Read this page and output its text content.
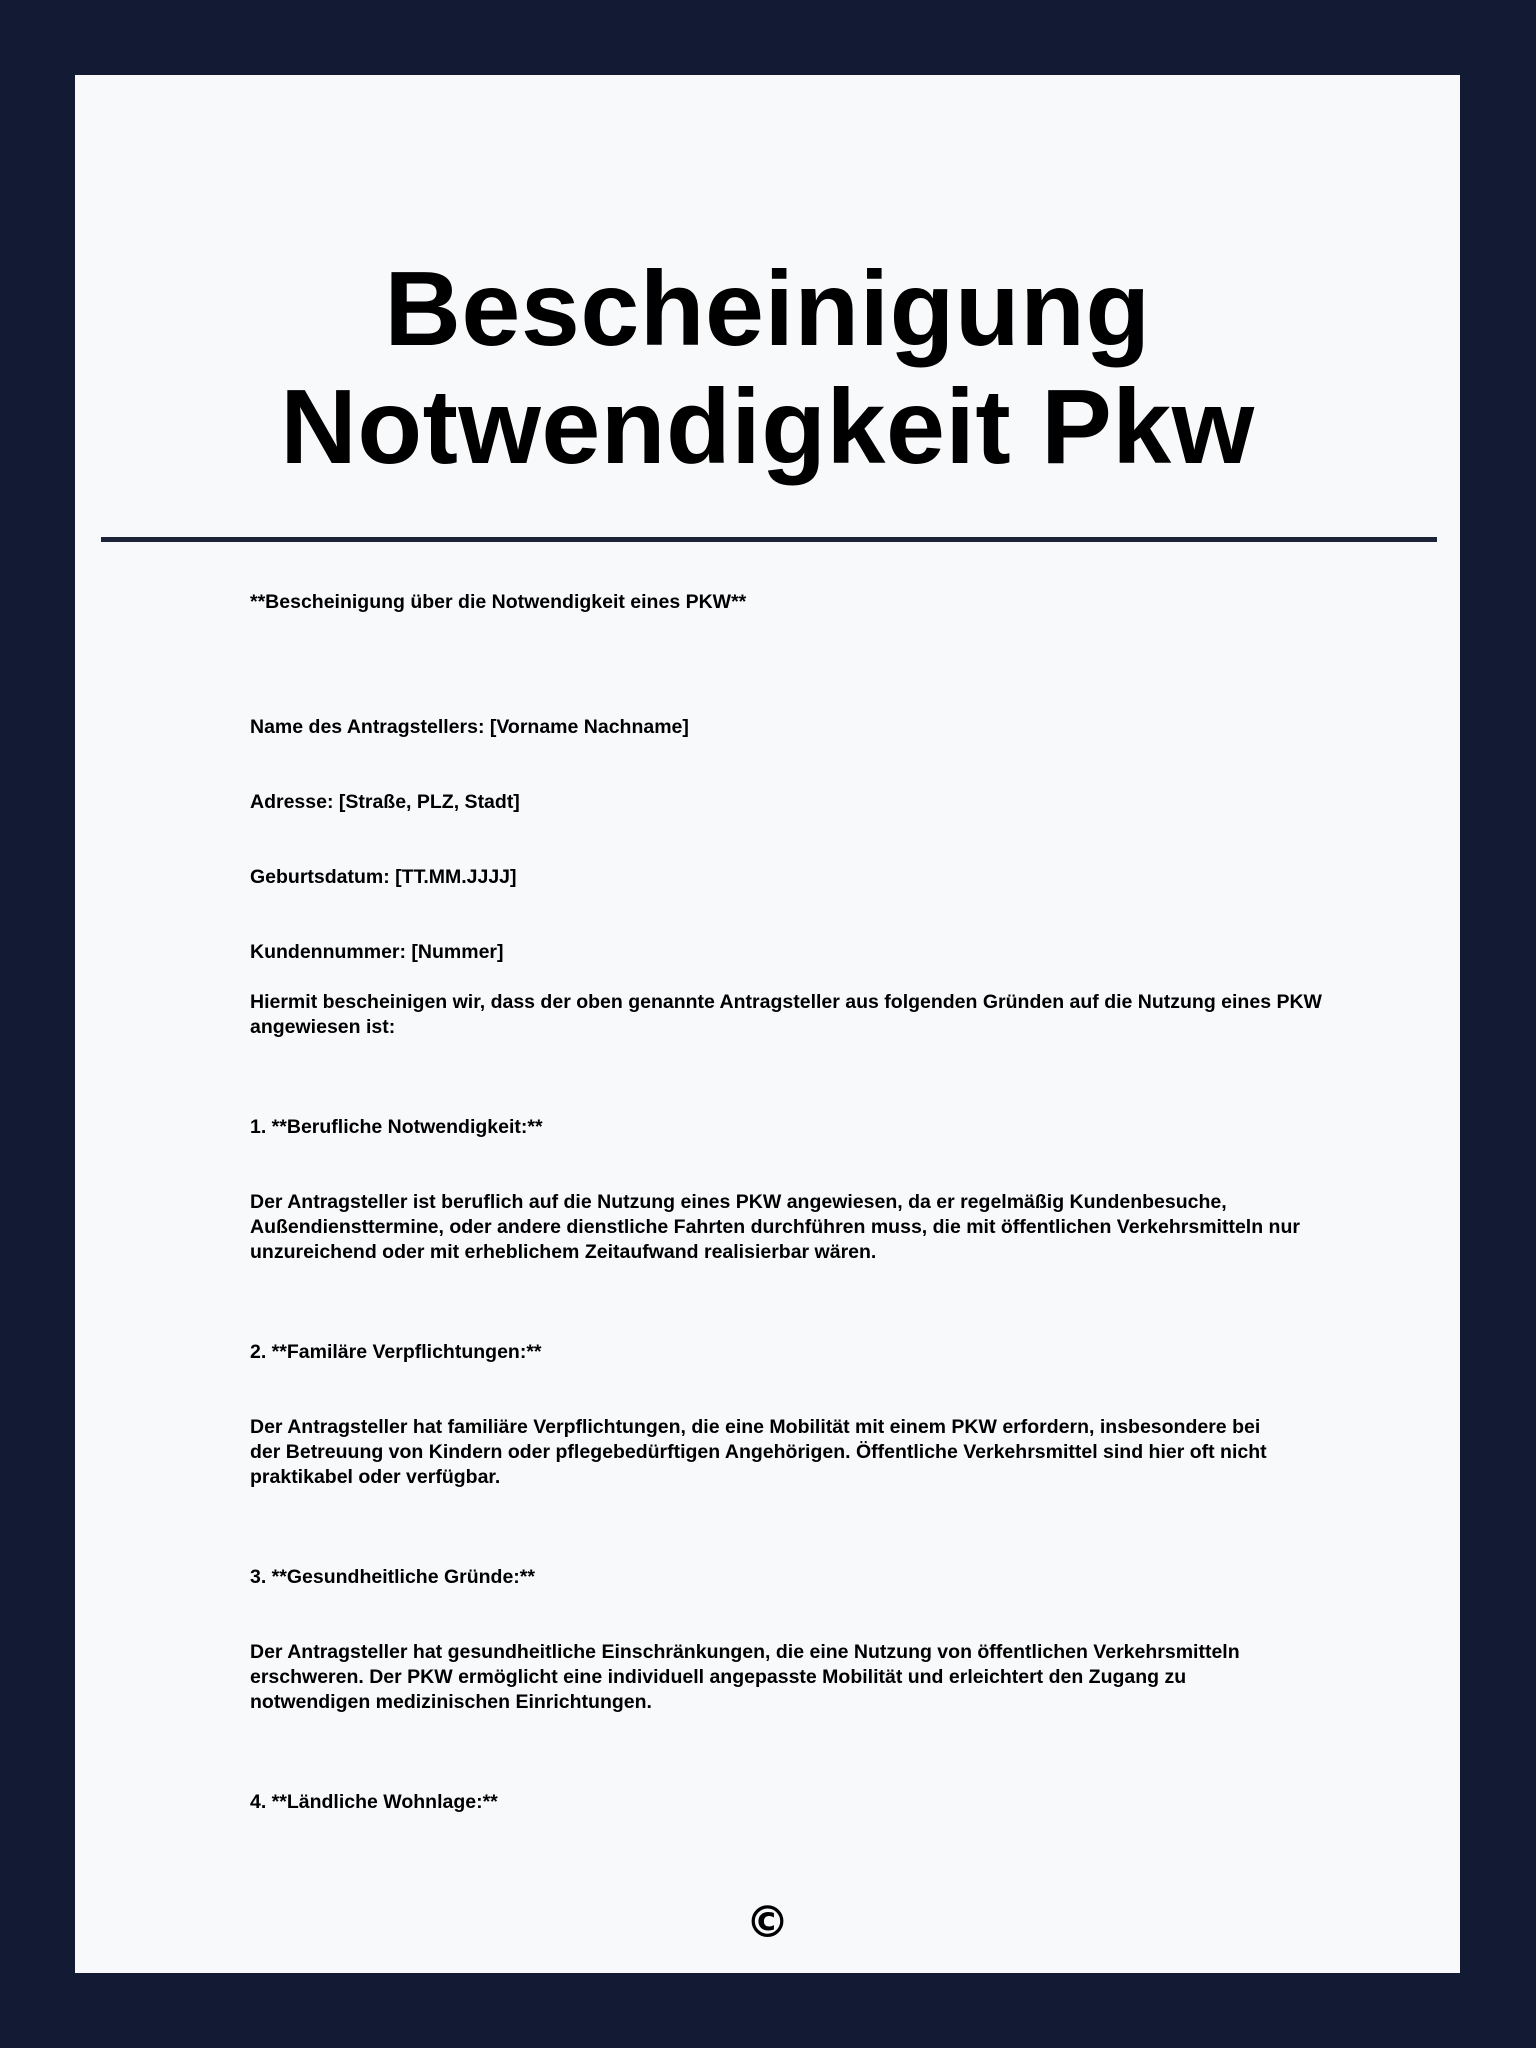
Bescheinigung
Notwendigkeit Pkw

**Bescheinigung über die Notwendigkeit eines PKW**

Name des Antragstellers: [Vorname Nachname]

Adresse: [Straße, PLZ, Stadt]

Geburtsdatum: [TT.MM.JJJJ]

Kundennummer: [Nummer]

Hiermit bescheinigen wir, dass der oben genannte Antragsteller aus folgenden Gründen auf die Nutzung eines PKW angewiesen ist:

1. **Berufliche Notwendigkeit:**

Der Antragsteller ist beruflich auf die Nutzung eines PKW angewiesen, da er regelmäßig Kundenbesuche, Außendiensttermine, oder andere dienstliche Fahrten durchführen muss, die mit öffentlichen Verkehrsmitteln nur unzureichend oder mit erheblichem Zeitaufwand realisierbar wären.

2. **Familäre Verpflichtungen:**

Der Antragsteller hat familiäre Verpflichtungen, die eine Mobilität mit einem PKW erfordern, insbesondere bei der Betreuung von Kindern oder pflegebedürftigen Angehörigen. Öffentliche Verkehrsmittel sind hier oft nicht praktikabel oder verfügbar.

3. **Gesundheitliche Gründe:**

Der Antragsteller hat gesundheitliche Einschränkungen, die eine Nutzung von öffentlichen Verkehrsmitteln erschweren. Der PKW ermöglicht eine individuell angepasste Mobilität und erleichtert den Zugang zu notwendigen medizinischen Einrichtungen.

4. **Ländliche Wohnlage:**

©
